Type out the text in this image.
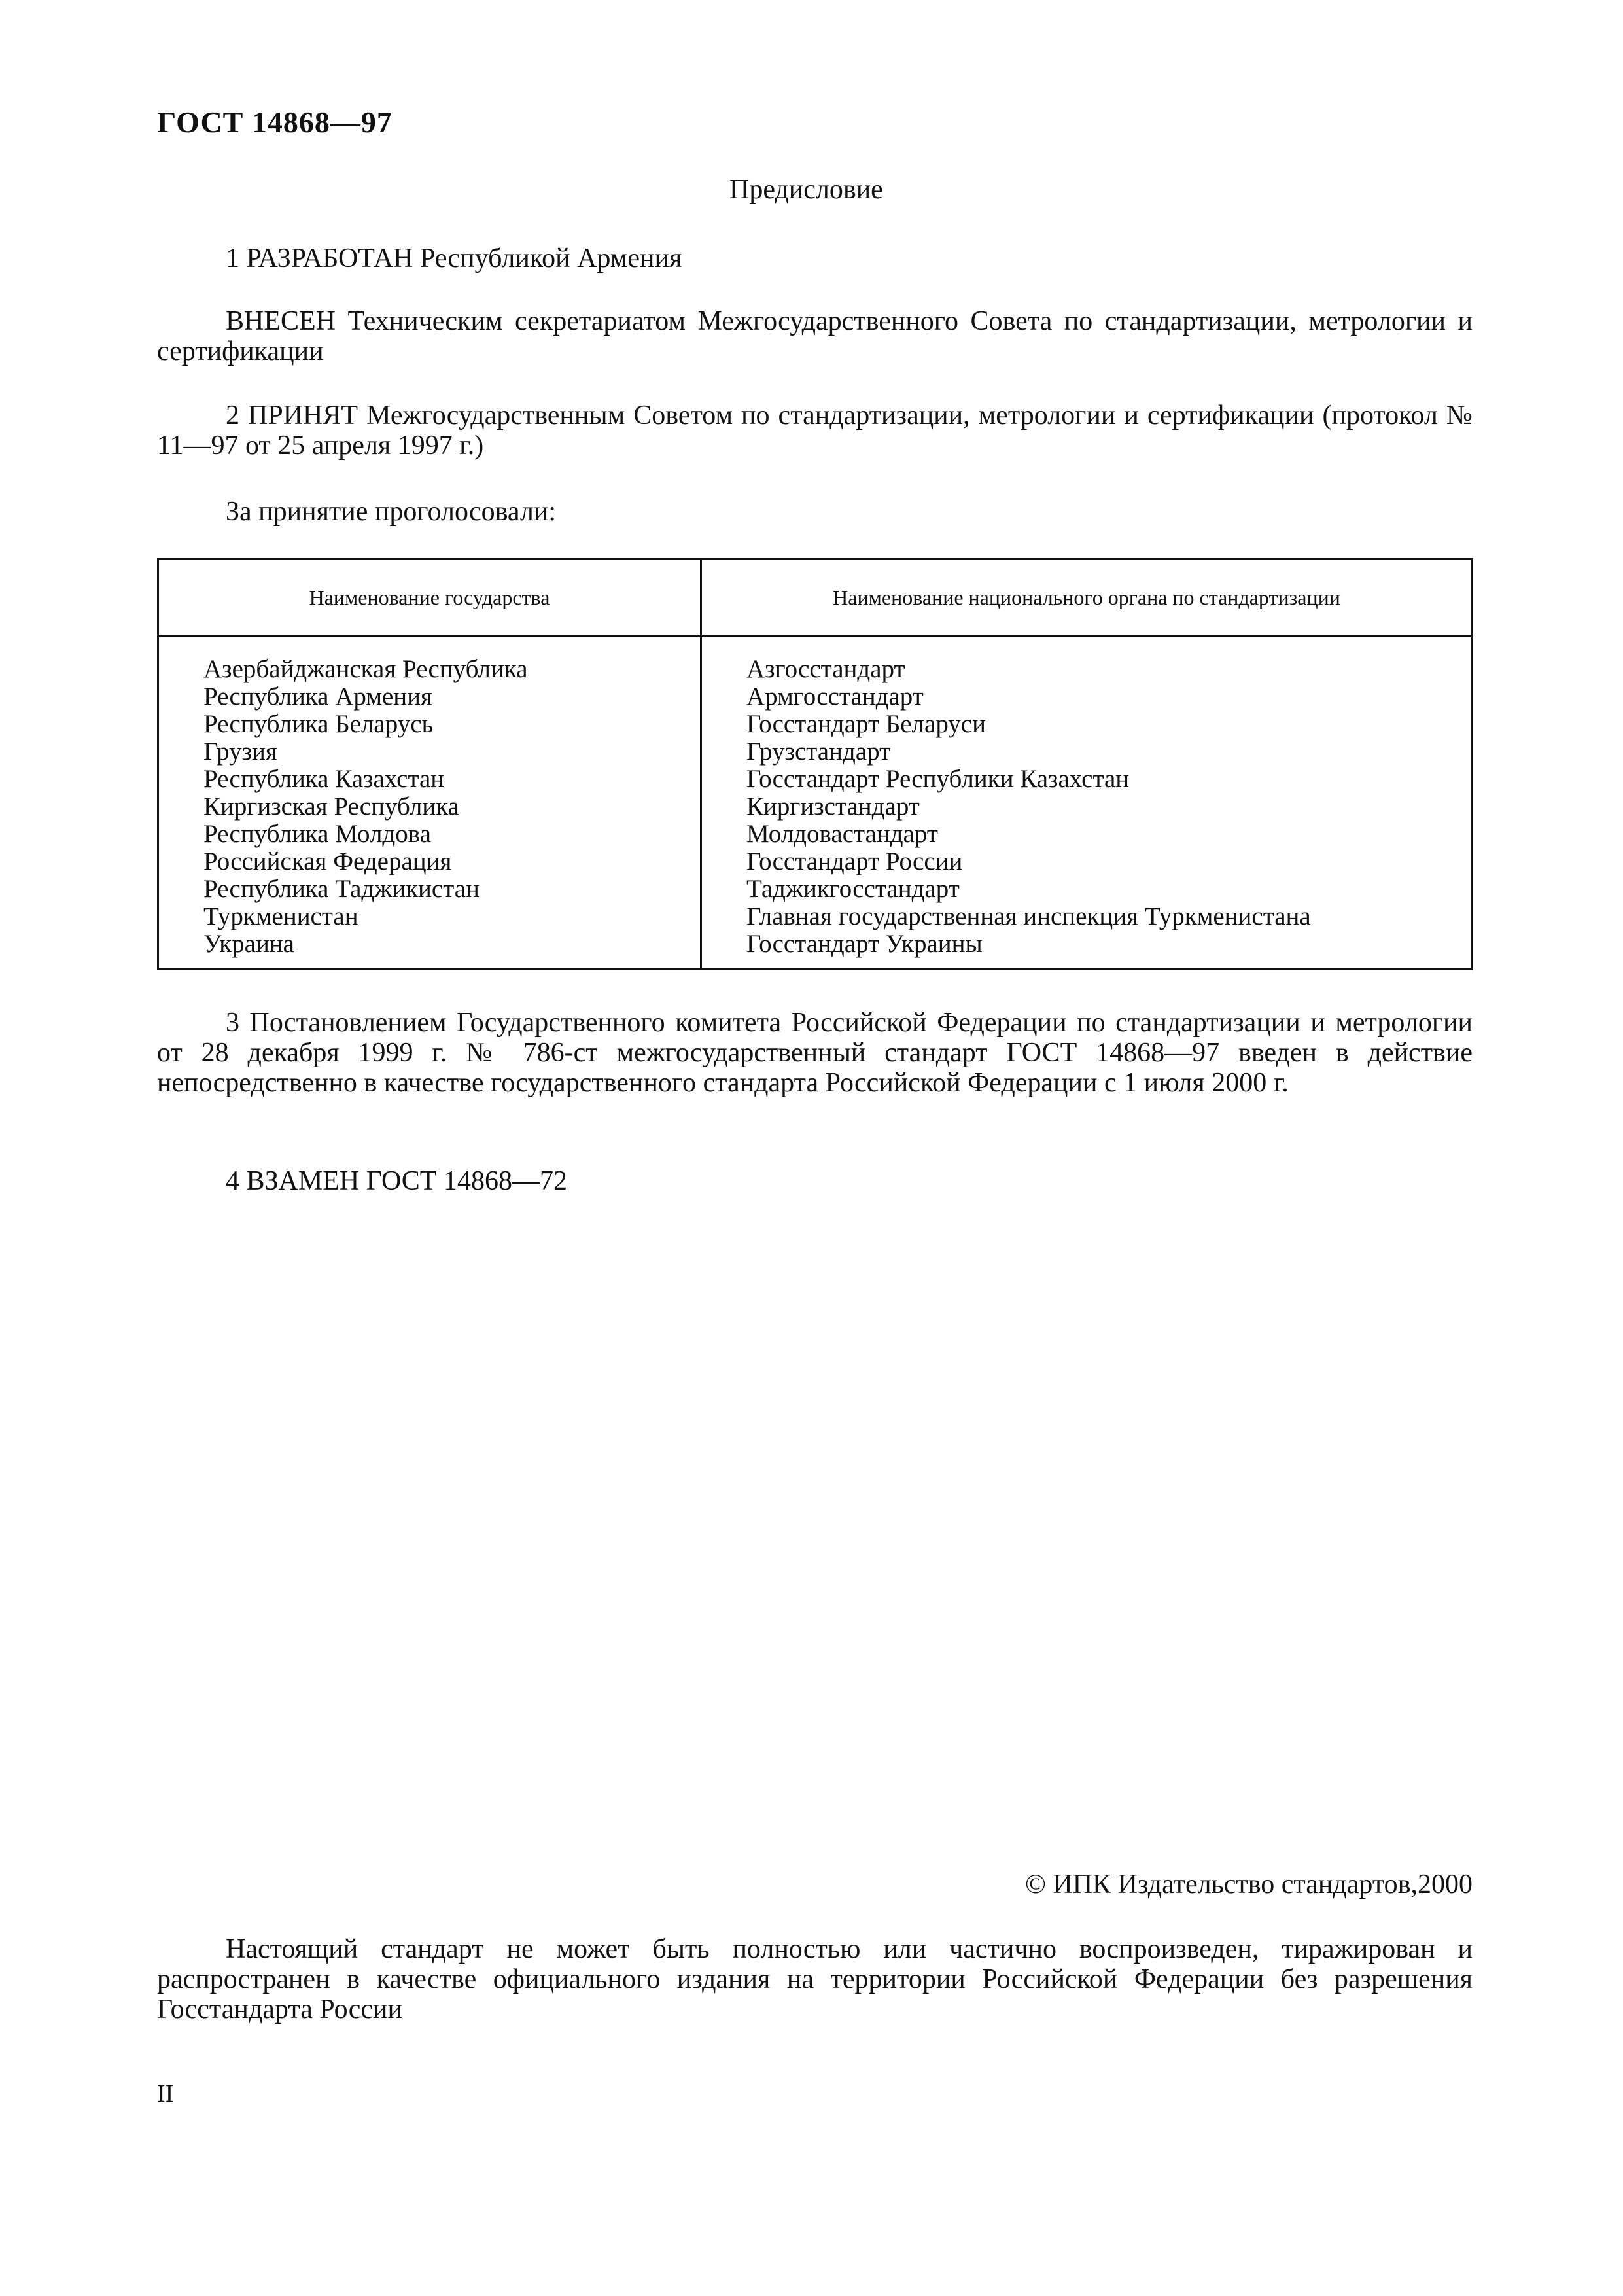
ГОСТ 14868—97
Предисловие
1 РАЗРАБОТАН Республикой Армения
ВНЕСЕН Техническим секретариатом Межгосударственного Совета по стандартизации, метрологии и сертификации
2 ПРИНЯТ Межгосударственным Советом по стандартизации, метрологии и сертификации (протокол № 11—97 от 25 апреля 1997 г.)
За принятие проголосовали:
Наименование государства	Наименование национального органа по стандартизации
Азербайджанская Республика
Республика Армения
Республика Беларусь
Грузия
Республика Казахстан
Киргизская Республика
Республика Молдова
Российская Федерация
Республика Таджикистан
Туркменистан
Украина
Азгосстандарт
Армгосстандарт
Госстандарт Беларуси
Грузстандарт
Госстандарт Республики Казахстан
Киргизстандарт
Молдовастандарт
Госстандарт России
Таджикгосстандарт
Главная государственная инспекция Туркменистана
Госстандарт Украины
3 Постановлением Государственного комитета Российской Федерации по стандартизации и метрологии от 28 декабря 1999 г. № 786-ст межгосударственный стандарт ГОСТ 14868—97 введен в действие непосредственно в качестве государственного стандарта Российской Федерации с 1 июля 2000 г.
4 ВЗАМЕН ГОСТ 14868—72
© ИПК Издательство стандартов,2000
Настоящий стандарт не может быть полностью или частично воспроизведен, тиражирован и распространен в качестве официального издания на территории Российской Федерации без разрешения Госстандарта России
II
